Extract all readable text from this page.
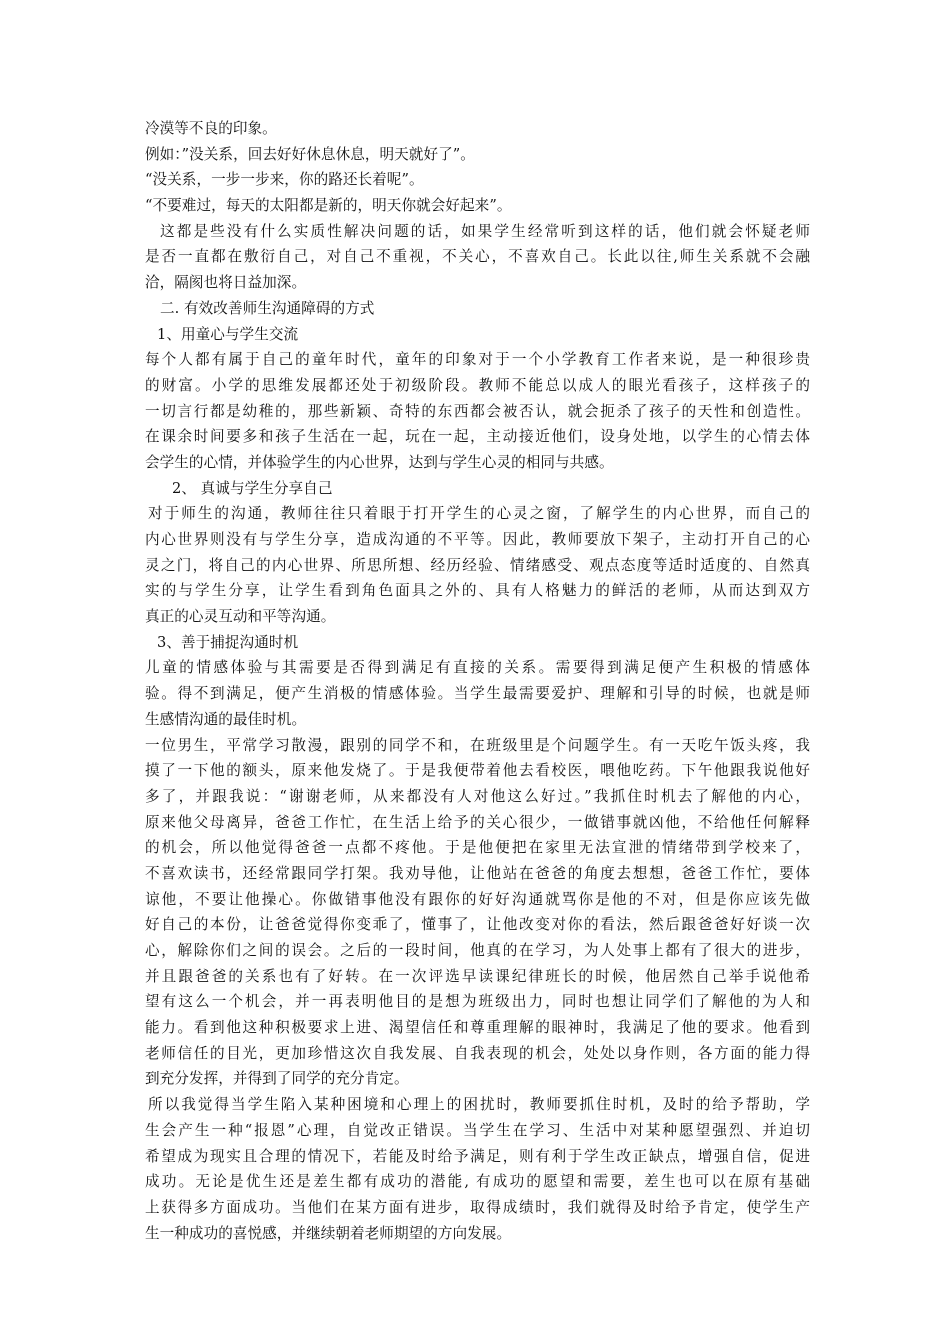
冷漠等不良的印象。
例如：”没关系，回去好好休息休息，明天就好了”。
“没关系，一步一步来，你的路还长着呢”。
“不要难过，每天的太阳都是新的，明天你就会好起来”。
这都是些没有什么实质性解决问题的话，如果学生经常听到这样的话，他们就会怀疑老师
是否一直都在敷衍自己，对自己不重视，不关心，不喜欢自己。长此以往,师生关系就不会融
洽，隔阂也将日益加深。
二. 有效改善师生沟通障碍的方式
1、用童心与学生交流
每个人都有属于自己的童年时代，童年的印象对于一个小学教育工作者来说，是一种很珍贵
的财富。小学的思维发展都还处于初级阶段。教师不能总以成人的眼光看孩子，这样孩子的
一切言行都是幼稚的，那些新颖、奇特的东西都会被否认，就会扼杀了孩子的天性和创造性。
在课余时间要多和孩子生活在一起，玩在一起，主动接近他们，设身处地，以学生的心情去体
会学生的心情，并体验学生的内心世界，达到与学生心灵的相同与共感。
2、 真诚与学生分享自己
对于师生的沟通，教师往往只着眼于打开学生的心灵之窗，了解学生的内心世界，而自己的
内心世界则没有与学生分享，造成沟通的不平等。因此，教师要放下架子，主动打开自己的心
灵之门，将自己的内心世界、所思所想、经历经验、情绪感受、观点态度等适时适度的、自然真
实的与学生分享，让学生看到角色面具之外的、具有人格魅力的鲜活的老师，从而达到双方
真正的心灵互动和平等沟通。
3、善于捕捉沟通时机
儿童的情感体验与其需要是否得到满足有直接的关系。需要得到满足便产生积极的情感体
验。得不到满足，便产生消极的情感体验。当学生最需要爱护、理解和引导的时候，也就是师
生感情沟通的最佳时机。
一位男生，平常学习散漫，跟别的同学不和，在班级里是个问题学生。有一天吃午饭头疼，我
摸了一下他的额头，原来他发烧了。于是我便带着他去看校医，喂他吃药。下午他跟我说他好
多了，并跟我说：“谢谢老师，从来都没有人对他这么好过。”我抓住时机去了解他的内心，
原来他父母离异，爸爸工作忙，在生活上给予的关心很少，一做错事就凶他，不给他任何解释
的机会，所以他觉得爸爸一点都不疼他。于是他便把在家里无法宣泄的情绪带到学校来了，
不喜欢读书，还经常跟同学打架。我劝导他，让他站在爸爸的角度去想想，爸爸工作忙，要体
谅他，不要让他操心。你做错事他没有跟你的好好沟通就骂你是他的不对，但是你应该先做
好自己的本份，让爸爸觉得你变乖了，懂事了，让他改变对你的看法，然后跟爸爸好好谈一次
心，解除你们之间的误会。之后的一段时间，他真的在学习，为人处事上都有了很大的进步，
并且跟爸爸的关系也有了好转。在一次评选早读课纪律班长的时候，他居然自己举手说他希
望有这么一个机会，并一再表明他目的是想为班级出力，同时也想让同学们了解他的为人和
能力。看到他这种积极要求上进、渴望信任和尊重理解的眼神时，我满足了他的要求。他看到
老师信任的目光，更加珍惜这次自我发展、自我表现的机会，处处以身作则，各方面的能力得
到充分发挥，并得到了同学的充分肯定。
所以我觉得当学生陷入某种困境和心理上的困扰时，教师要抓住时机，及时的给予帮助，学
生会产生一种“报恩”心理，自觉改正错误。当学生在学习、生活中对某种愿望强烈、并迫切
希望成为现实且合理的情况下，若能及时给予满足，则有利于学生改正缺点，增强自信，促进
成功。无论是优生还是差生都有成功的潜能, 有成功的愿望和需要，差生也可以在原有基础
上获得多方面成功。当他们在某方面有进步，取得成绩时，我们就得及时给予肯定，使学生产
生一种成功的喜悦感，并继续朝着老师期望的方向发展。
